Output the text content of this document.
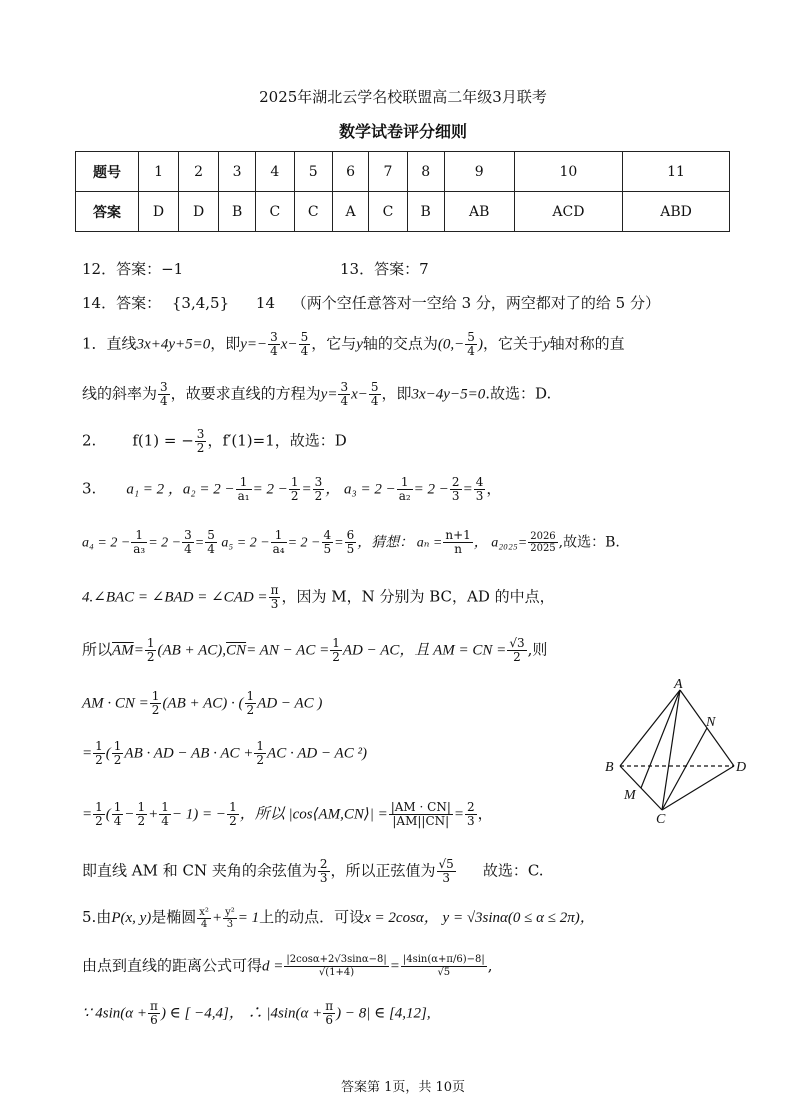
2025年湖北云学名校联盟高二年级3月联考
数学试卷评分细则
题号	1	2	3	4	5	6	7	8	9	10	11
答案	D	D	B	C	C	A	C	B	AB	ACD	ABD
12．答案：−1	13．答案：7
14．答案： {3,4,5} 14 （两个空任意答对一空给 3 分，两空都对了的给 5 分）
1．直线3x+4y+5=0，即$y=- \frac{3}{4} x- \frac{5}{4}$ ，它与y轴的交点为($0,- \frac{5}{4}$ )，它关于y轴对称的直
线的斜率为 $\frac{3}{4}$ ，故要求直线的方程为$y= \frac{3}{4} x- \frac{5}{4}$ ，即3x−4y−5=0.故选：D.
2. f(1) = − $\frac{3}{2}$ ，f′(1)=1，故选：D
3. a₁ = 2 ，$a_2 = 2 - \frac{1}{\text{a₁}} = 2 - \frac{1}{2} = \frac{3}{2}$ ， $a_3 = 2 - \frac{1}{\text{a₂}} = 2 - \frac{2}{3} = \frac{4}{3}$ ，
$a_4 = 2 - \frac{1}{\text{a₃}} = 2 - \frac{3}{4} = \frac{5}{4} a_5 = 2 - \frac{1}{\text{a₄}} = 2 - \frac{4}{5} = \frac{6}{5}$ ，猜想： $a_n = \frac{n+1}{n}$ ， $a_{2025}= \frac{2026}{2025}$ ,故选：B.
4.∠BAC = ∠BAD = ∠CAD = $\frac{\pi}{3}$ ，因为 M，N 分别为 BC，AD 的中点，
所以$\overline{AM}= \frac{1}{2} (AB + AC),\overline{CN}=$ AN − AC = $\frac{1}{2}$ AD − AC，且 AM = CN = $\frac{√3}{2}$ ,则
AM · CN = $\frac{1}{2} (AB + AC)$ · ( $\frac{1}{2}$ AD − AC )
= $\frac{1}{2}$ ( $\frac{1}{2}$ AB · AD − AB · AC + $\frac{1}{2}$ AC · AD − AC ²)
= $\frac{1}{2}$ ( $\frac{1}{4} - \frac{1}{2} + \frac{1}{4} - 1$) = − $\frac{1}{2}$ ，所以 |cos⟨AM,CN⟩| = $\frac{|AM \cdot CN|}{|AM||CN|} = \frac{2}{3}$ ，
即直线 AM 和 CN 夹角的余弦值为 $\frac{2}{3}$ ，所以正弦值为 $\frac{√5}{3}$ 故选：C.
A
N
B	D
M
C
5.由P(x, y)是椭圆 $\frac{\text{x²}}{4} + \frac{\text{y²}}{3} = 1$上的动点．可设x = 2cosα， y = √3sinα(0 ≤ α ≤ 2π)，
由点到直线的距离公式可得$d = \frac{|2\cos\alpha+2√3\sin\alpha-8|}{√(1+4)} = \frac{|4\sin(\alpha+\pi/6)-8|}{√5}$ ,
∵ $4\sin(\alpha + \frac{\pi}{6}$ ) ∈ [ −4,4]， ∴ $|4\sin(\alpha + \frac{\pi}{6}$ ) − 8| ∈ [4,12],
答案第 1页，共 10页
